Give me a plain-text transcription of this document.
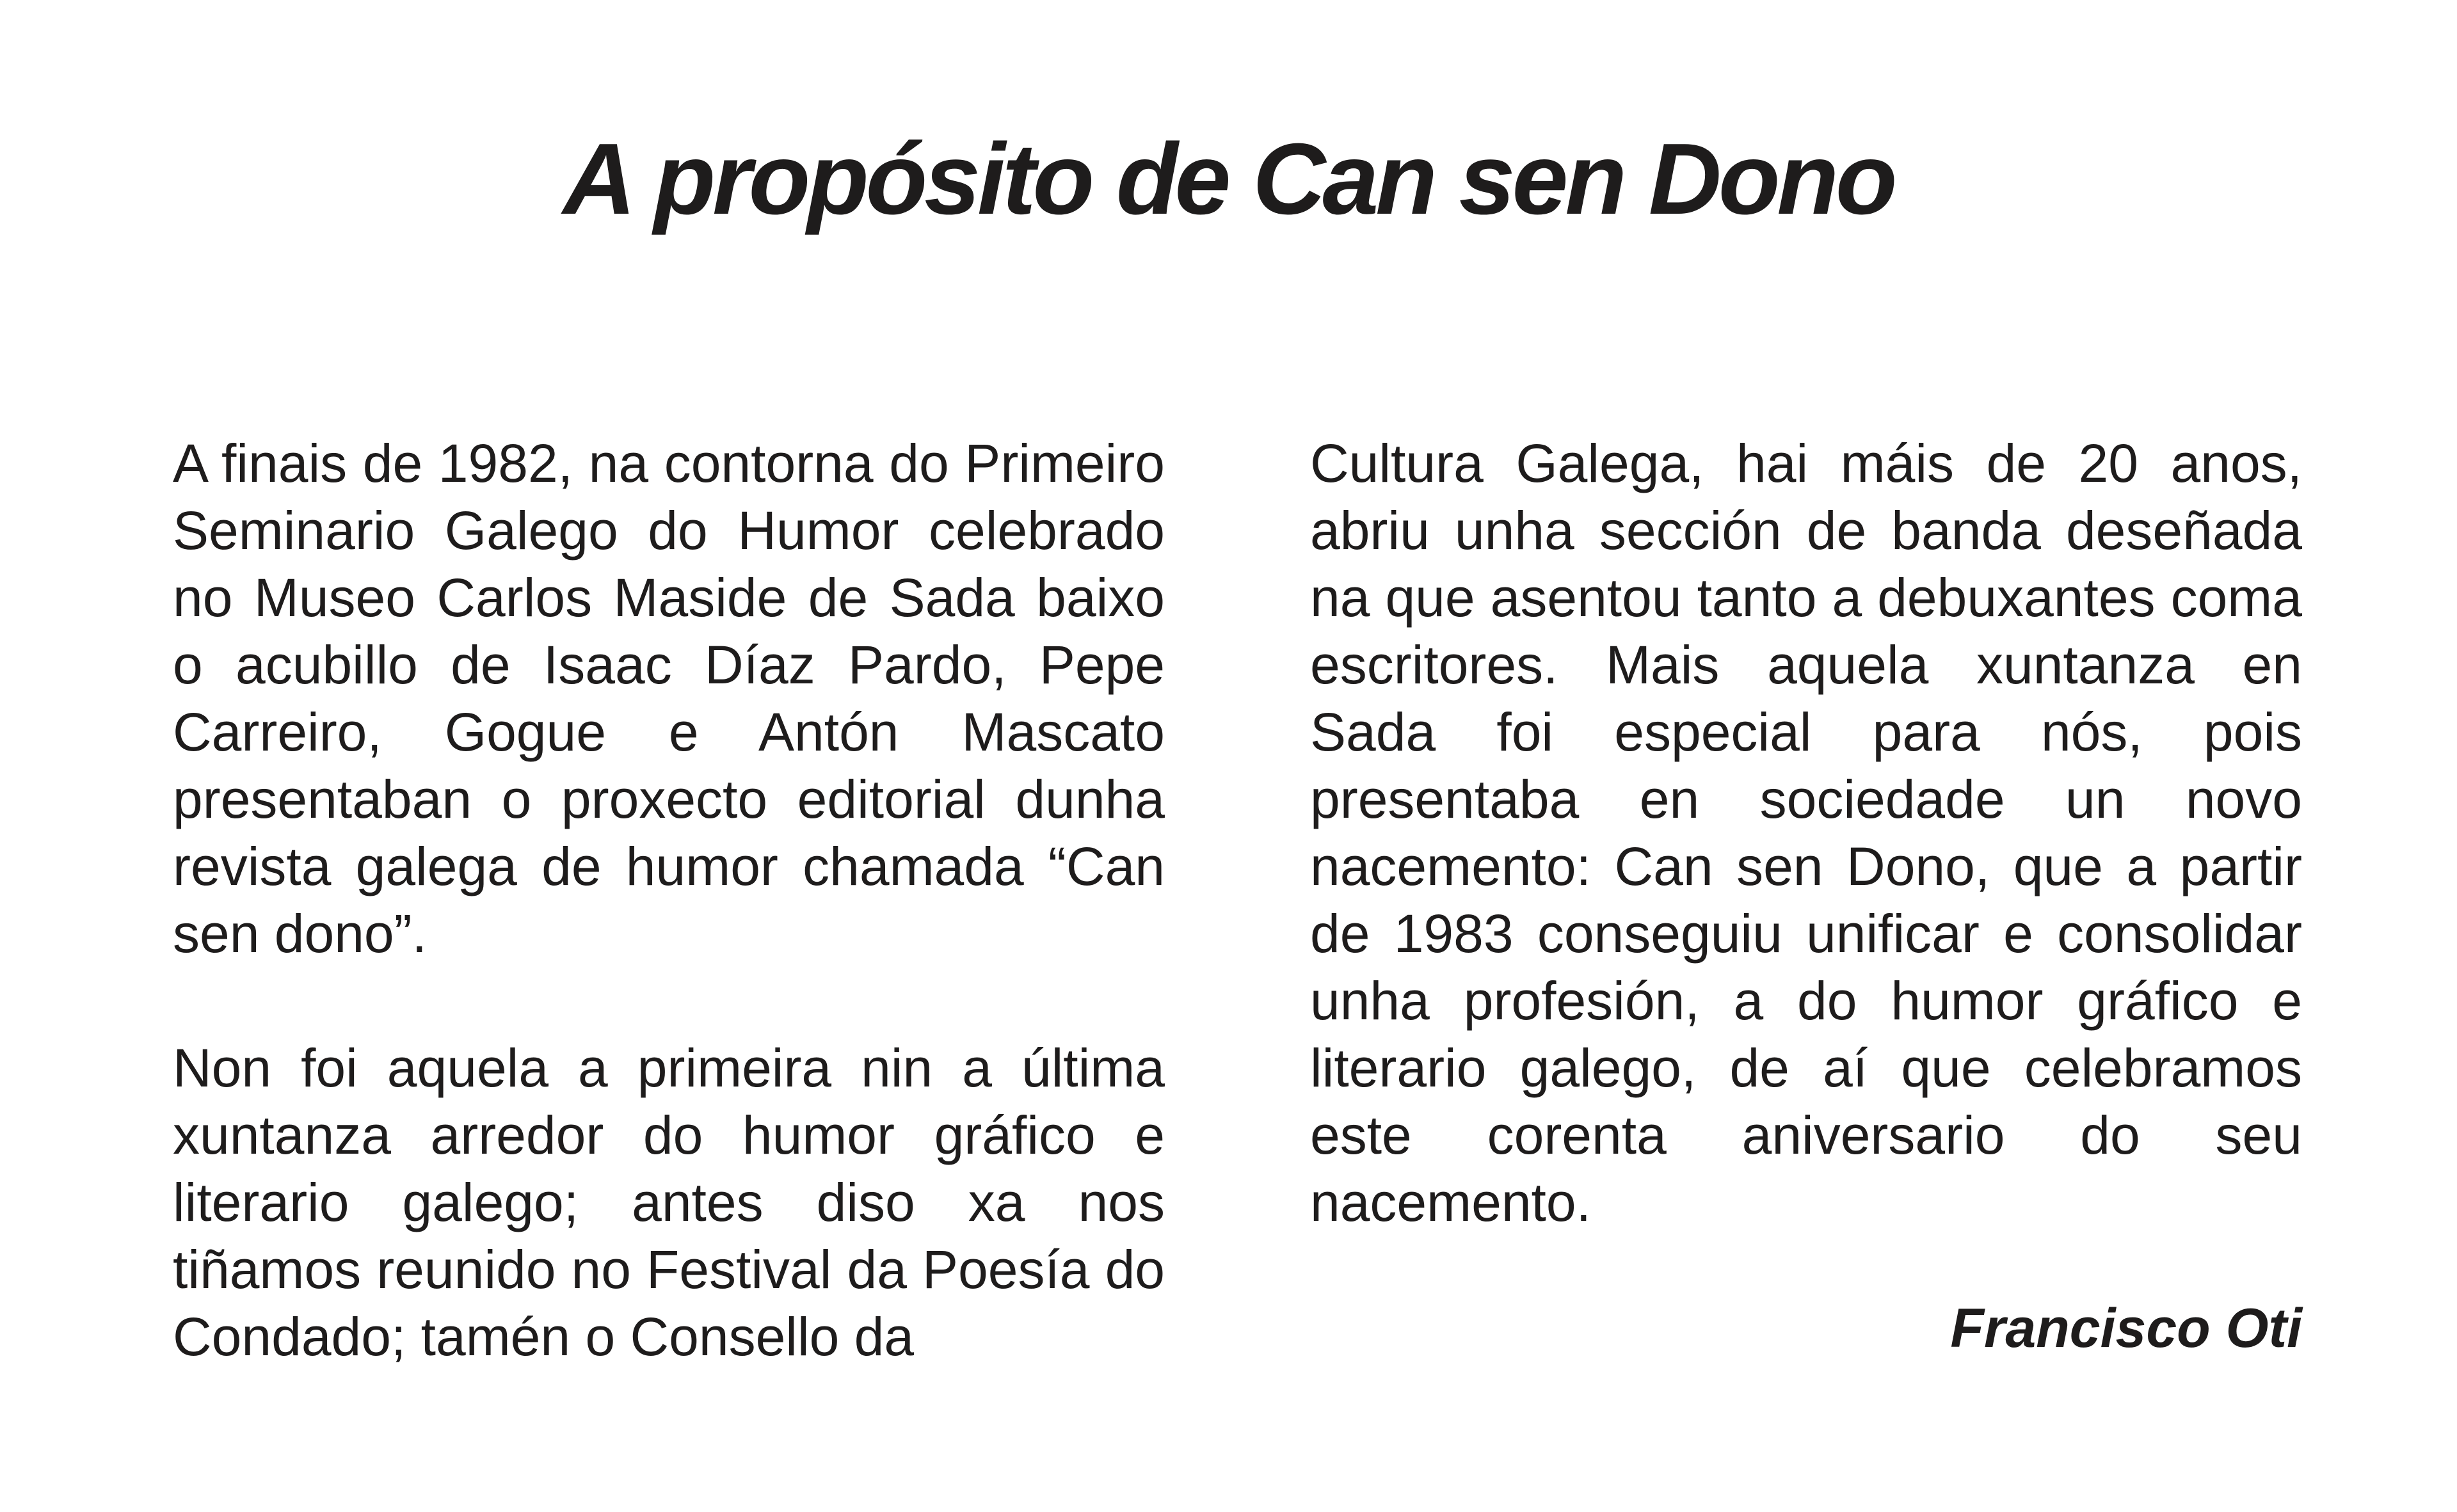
A propósito de Can sen Dono

A finais de 1982, na contorna do Primeiro Seminario Galego do Humor celebrado no Museo Carlos Maside de Sada baixo o acubillo de Isaac Díaz Pardo, Pepe Carreiro, Gogue e Antón Mascato presentaban o proxecto editorial dunha revista galega de humor chamada “Can sen dono”.

Non foi aquela a primeira nin a última xuntanza arredor do humor gráfico e literario galego; antes diso xa nos tiñamos reunido no Festival da Poesía do Condado; tamén o Consello da

Cultura Galega, hai máis de 20 anos, abriu unha sección de banda deseñada na que asentou tanto a debuxantes coma escritores. Mais aquela xuntanza en Sada foi especial para nós, pois presentaba en sociedade un novo nacemento: Can sen Dono, que a partir de 1983 conseguiu unificar e consolidar unha profesión, a do humor gráfico e literario galego, de aí que celebramos este corenta aniversario do seu nacemento.

Francisco Oti
